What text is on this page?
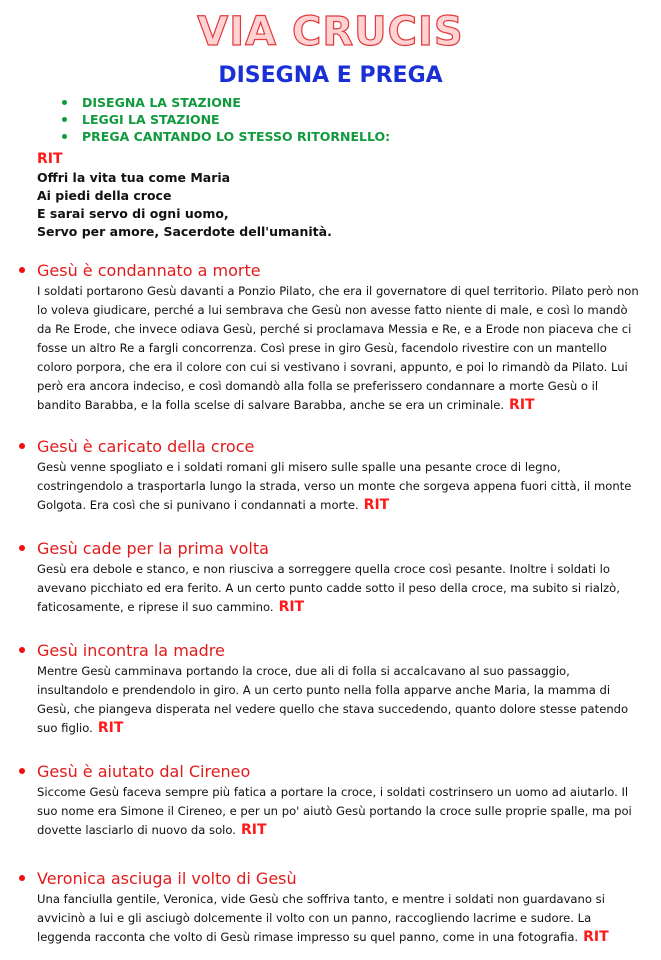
VIA CRUCIS
DISEGNA E PREGA
DISEGNA LA STAZIONE
LEGGI LA STAZIONE
PREGA CANTANDO LO STESSO RITORNELLO:
RIT
Offri la vita tua come Maria
Ai piedi della croce
E sarai servo di ogni uomo,
Servo per amore, Sacerdote dell'umanità.
Gesù è condannato a morte
I soldati portarono Gesù davanti a Ponzio Pilato, che era il governatore di quel territorio. Pilato però non lo voleva giudicare, perché a lui sembrava che Gesù non avesse fatto niente di male, e così lo mandò da Re Erode, che invece odiava Gesù, perché si proclamava Messia e Re, e a Erode non piaceva che ci fosse un altro Re a fargli concorrenza. Così prese in giro Gesù, facendolo rivestire con un mantello coloro porpora, che era il colore con cui si vestivano i sovrani, appunto, e poi lo rimandò da Pilato. Lui però era ancora indeciso, e così domandò alla folla se preferissero condannare a morte Gesù o il bandito Barabba, e la folla scelse di salvare Barabba, anche se era un criminale. RIT
Gesù è caricato della croce
Gesù venne spogliato e i soldati romani gli misero sulle spalle una pesante croce di legno, costringendolo a trasportarla lungo la strada, verso un monte che sorgeva appena fuori città, il monte Golgota. Era così che si punivano i condannati a morte. RIT
Gesù cade per la prima volta
Gesù era debole e stanco, e non riusciva a sorreggere quella croce così pesante. Inoltre i soldati lo avevano picchiato ed era ferito. A un certo punto cadde sotto il peso della croce, ma subito si rialzò, faticosamente, e riprese il suo cammino. RIT
Gesù incontra la madre
Mentre Gesù camminava portando la croce, due ali di folla si accalcavano al suo passaggio, insultandolo e prendendolo in giro. A un certo punto nella folla apparve anche Maria, la mamma di Gesù, che piangeva disperata nel vedere quello che stava succedendo, quanto dolore stesse patendo suo figlio. RIT
Gesù è aiutato dal Cireneo
Siccome Gesù faceva sempre più fatica a portare la croce, i soldati costrinsero un uomo ad aiutarlo. Il suo nome era Simone il Cireneo, e per un po' aiutò Gesù portando la croce sulle proprie spalle, ma poi dovette lasciarlo di nuovo da solo. RIT
Veronica asciuga il volto di Gesù
Una fanciulla gentile, Veronica, vide Gesù che soffriva tanto, e mentre i soldati non guardavano si avvicinò a lui e gli asciugò dolcemente il volto con un panno, raccogliendo lacrime e sudore. La leggenda racconta che volto di Gesù rimase impresso su quel panno, come in una fotografia. RIT
